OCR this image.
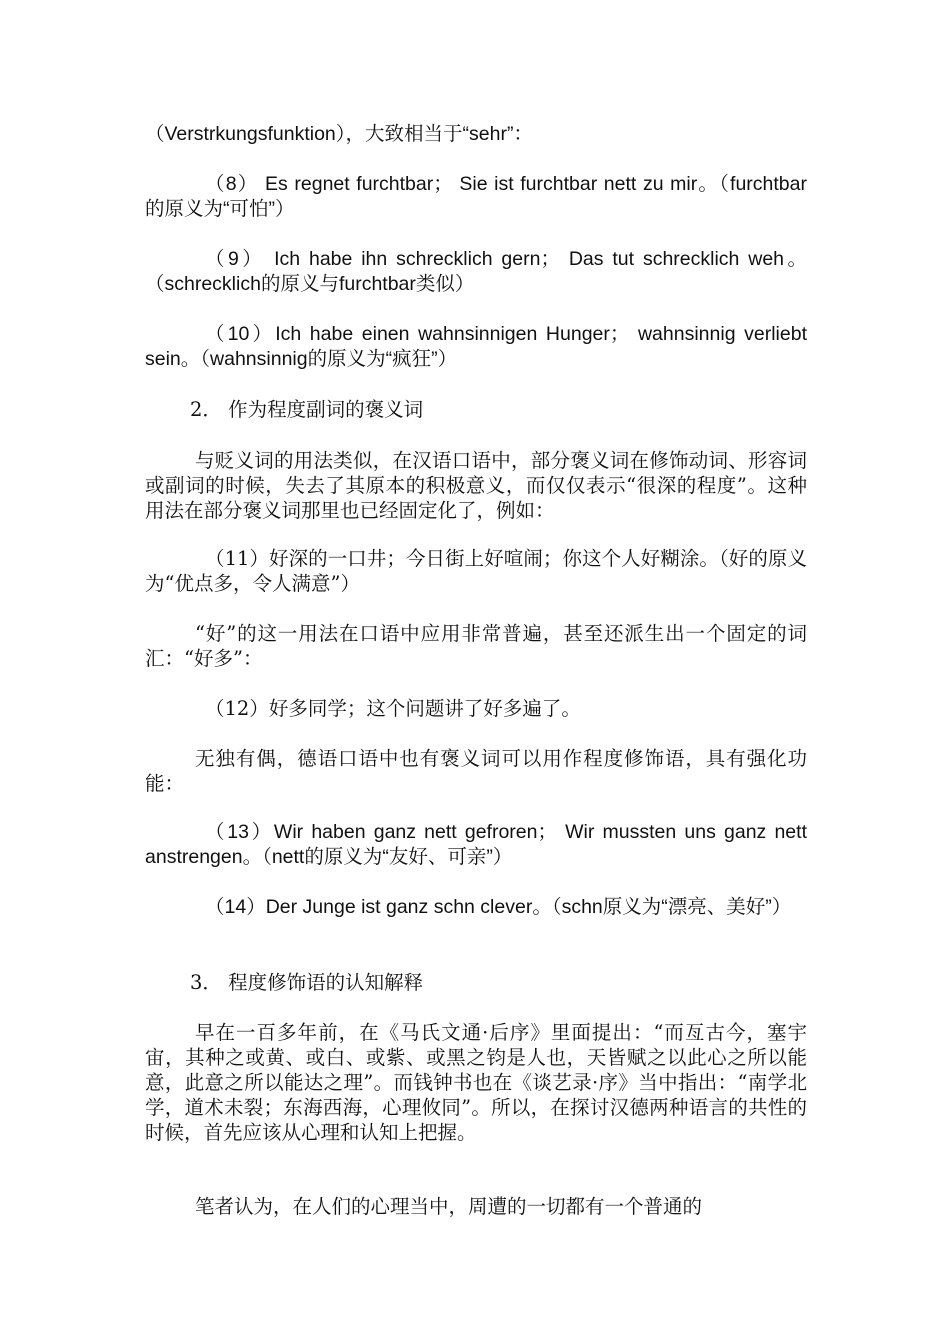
（Verstrkungsfunktion），大致相当于“sehr”：

（8） Es regnet furchtbar； Sie ist furchtbar nett zu mir。（furchtbar的原义为“可怕”）

（9） Ich habe ihn schrecklich gern； Das tut schrecklich weh。（schrecklich的原义与furchtbar类似）

（10）Ich habe einen wahnsinnigen Hunger； wahnsinnig verliebt sein。（wahnsinnig的原义为“疯狂”）

2． 作为程度副词的褒义词

与贬义词的用法类似，在汉语口语中，部分褒义词在修饰动词、形容词或副词的时候，失去了其原本的积极意义，而仅仅表示“很深的程度”。这种用法在部分褒义词那里也已经固定化了，例如：

（11）好深的一口井；今日街上好喧闹；你这个人好糊涂。（好的原义为“优点多，令人满意”）

“好”的这一用法在口语中应用非常普遍，甚至还派生出一个固定的词汇：“好多”：

（12）好多同学；这个问题讲了好多遍了。

无独有偶，德语口语中也有褒义词可以用作程度修饰语，具有强化功能：

（13）Wir haben ganz nett gefroren； Wir mussten uns ganz nett anstrengen。（nett的原义为“友好、可亲”）

（14）Der Junge ist ganz schn clever。（schn原义为“漂亮、美好”）

3． 程度修饰语的认知解释

早在一百多年前，在《马氏文通·后序》里面提出：“而亙古今，塞宇宙，其种之或黄、或白、或紫、或黑之钧是人也，天皆赋之以此心之所以能意，此意之所以能达之理”。而钱钟书也在《谈艺录·序》当中指出：“南学北学，道术未裂；东海西海，心理攸同”。所以，在探讨汉德两种语言的共性的时候，首先应该从心理和认知上把握。

笔者认为，在人们的心理当中，周遭的一切都有一个普通的
